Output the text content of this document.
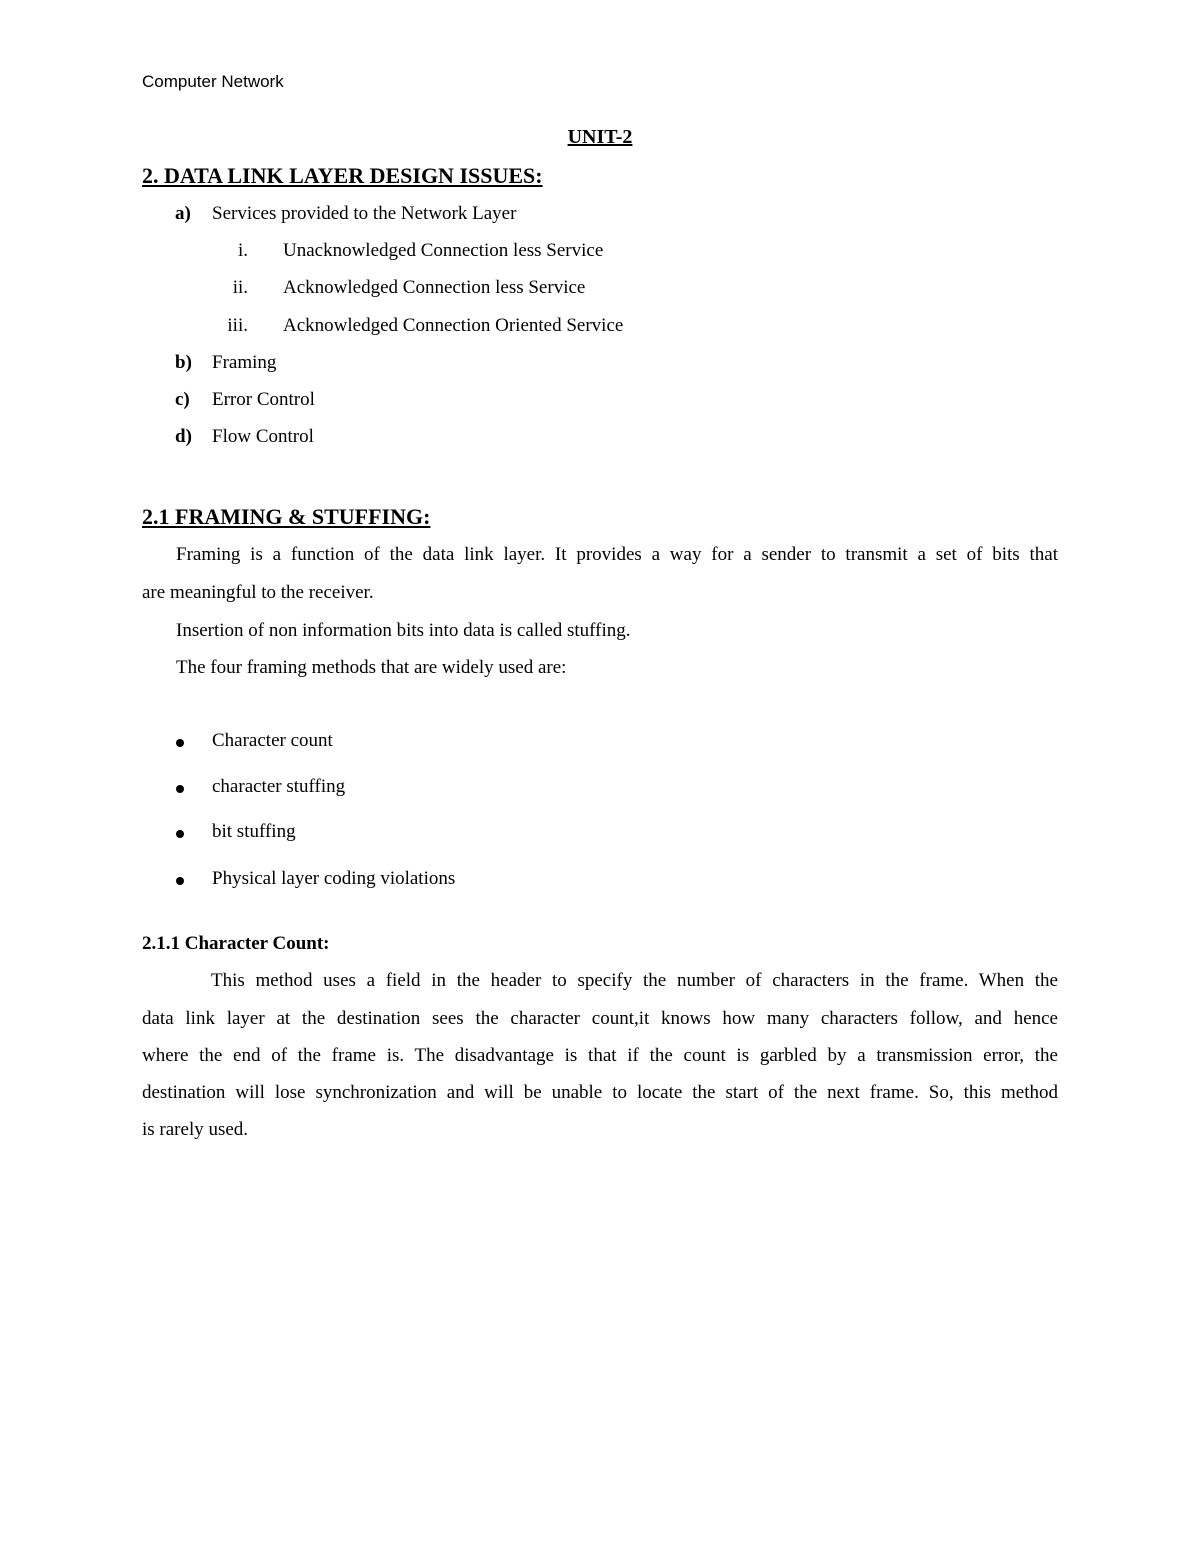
Computer Network
UNIT-2
2. DATA LINK LAYER DESIGN ISSUES:
a) Services provided to the Network Layer
i. Unacknowledged Connection less Service
ii. Acknowledged Connection less Service
iii. Acknowledged Connection Oriented Service
b) Framing
c) Error Control
d) Flow Control
2.1 FRAMING & STUFFING:
Framing is a function of the data link layer. It provides a way for a sender to transmit a set of bits that
are meaningful to the receiver.
Insertion of non information bits into data is called stuffing.
The four framing methods that are widely used are:
Character count
character stuffing
bit stuffing
Physical layer coding violations
2.1.1 Character Count:
This method uses a field in the header to specify the number of characters in the frame. When the
data link layer at the destination sees the character count,it knows how many characters follow, and hence
where the end of the frame is. The disadvantage is that if the count is garbled by a transmission error, the
destination will lose synchronization and will be unable to locate the start of the next frame. So, this method
is rarely used.
